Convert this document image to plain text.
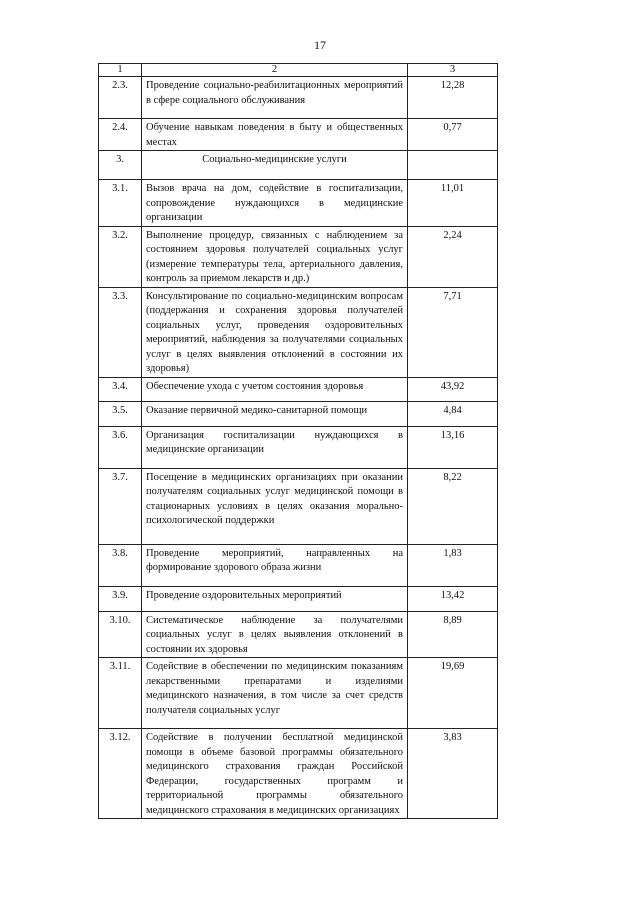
17
1	2	3
2.3.	Проведение социально-реабилитационных мероприятий в сфере социального обслуживания	12,28
2.4.	Обучение навыкам поведения в быту и общественных местах	0,77
3.	Социально-медицинские услуги	
3.1.	Вызов врача на дом, содействие в госпитализации, сопровождение нуждающихся в медицинские организации	11,01
3.2.	Выполнение процедур, связанных с наблюдением за состоянием здоровья получателей социальных услуг (измерение температуры тела, артериального давления, контроль за приемом лекарств и др.)	2,24
3.3.	Консультирование по социально-медицинским вопросам (поддержания и сохранения здоровья получателей социальных услуг, проведения оздоровительных мероприятий, наблюдения за получателями социальных услуг в целях выявления отклонений в состоянии их здоровья)	7,71
3.4.	Обеспечение ухода с учетом состояния здоровья	43,92
3.5.	Оказание первичной медико-санитарной помощи	4,84
3.6.	Организация госпитализации нуждающихся в медицинские организации	13,16
3.7.	Посещение в медицинских организациях при оказании получателям социальных услуг медицинской помощи в стационарных условиях в целях оказания морально-психологической поддержки	8,22
3.8.	Проведение мероприятий, направленных на формирование здорового образа жизни	1,83
3.9.	Проведение оздоровительных мероприятий	13,42
3.10.	Систематическое наблюдение за получателями социальных услуг в целях выявления отклонений в состоянии их здоровья	8,89
3.11.	Содействие в обеспечении по медицинским показаниям лекарственными препаратами и изделиями медицинского назначения, в том числе за счет средств получателя социальных услуг	19,69
3.12.	Содействие в получении бесплатной медицинской помощи в объеме базовой программы обязательного медицинского страхования граждан Российской Федерации, государственных программ и территориальной программы обязательного медицинского страхования в медицинских организациях	3,83
